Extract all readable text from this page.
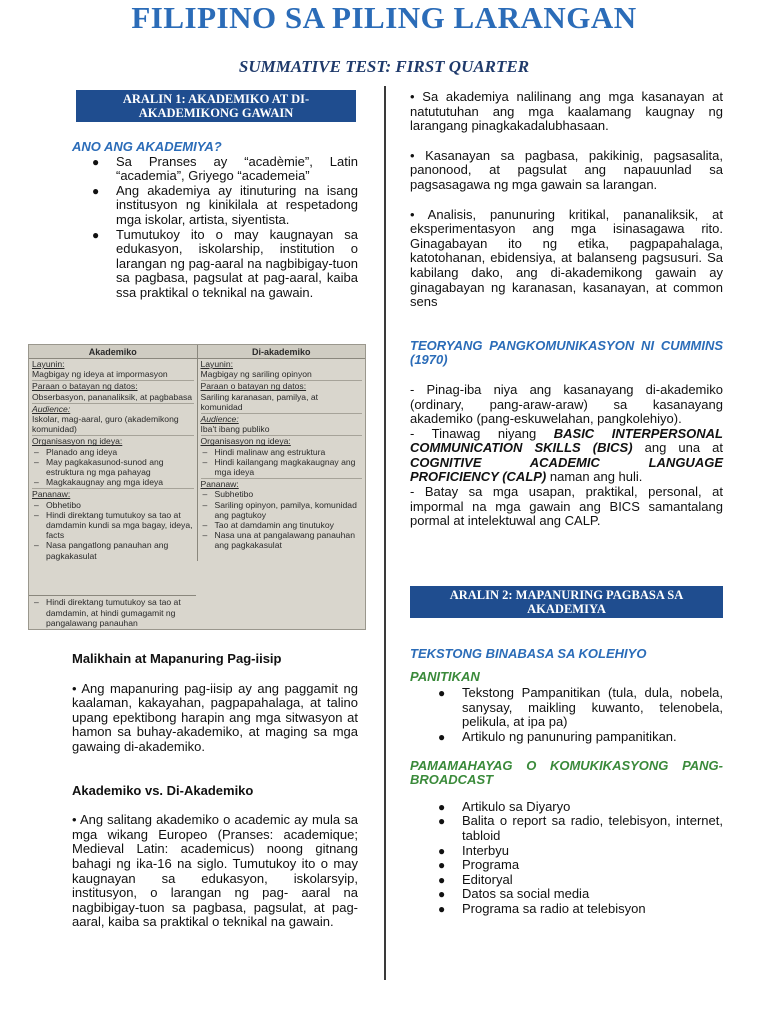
FILIPINO SA PILING LARANGAN
SUMMATIVE TEST: FIRST QUARTER
ARALIN 1: AKADEMIKO AT DI-AKADEMIKONG GAWAIN
ANO ANG AKADEMIYA?
● Sa Pranses ay “acadèmie”, Latin “academia”, Griyego “academeia”
● Ang akademiya ay itinuturing na isang institusyon ng kinikilala at respetadong mga iskolar, artista, siyentista.
● Tumutukoy ito o may kaugnayan sa edukasyon, iskolarship, institution o larangan ng pag-aaral na nagbibigay-tuon sa pagbasa, pagsulat at pag-aaral, kaiba ssa praktikal o teknikal na gawain.
Akademiko	Di-akademiko
Layunin:
Magbigay ng ideya at impormasyon
Paraan o batayan ng datos:
Obserbasyon, pananaliksik, at pagbabasa
Audience:
Iskolar, mag-aaral, guro (akademikong komunidad)
Organisasyon ng ideya:
– Planado ang ideya
– May pagkakasunod-sunod ang estruktura ng mga pahayag
– Magkakaugnay ang mga ideya
Pananaw:
– Obhetibo
– Hindi direktang tumutukoy sa tao at damdamin kundi sa mga bagay, ideya, facts
– Nasa pangatlong panauhan ang pagkakasulat
Layunin:
Magbigay ng sariling opinyon
Paraan o batayan ng datos:
Sariling karanasan, pamilya, at komunidad
Audience:
Iba't ibang publiko
Organisasyon ng ideya:
– Hindi malinaw ang estruktura
– Hindi kailangang magkakaugnay ang mga ideya
Pananaw:
– Subhetibo
– Sariling opinyon, pamilya, komunidad ang pagtukoy
– Tao at damdamin ang tinutukoy
– Nasa una at pangalawang panauhan ang pagkakasulat
– Hindi direktang tumutukoy sa tao at damdamin, at hindi gumagamit ng pangalawang panauhan
Malikhain at Mapanuring Pag-iisip
• Ang mapanuring pag-iisip ay ang paggamit ng kaalaman, kakayahan, pagpapahalaga, at talino upang epektibong harapin ang mga sitwasyon at hamon sa buhay-akademiko, at maging sa mga gawaing di-akademiko.
Akademiko vs. Di-Akademiko
• Ang salitang akademiko o academic ay mula sa mga wikang Europeo (Pranses: academique; Medieval Latin: academicus) noong gitnang bahagi ng ika-16 na siglo. Tumutukoy ito o may kaugnayan sa edukasyon, iskolarsyip, institusyon, o larangan ng pag- aaral na nagbibigay-tuon sa pagbasa, pagsulat, at pag-aaral, kaiba sa praktikal o teknikal na gawain.
• Sa akademiya nalilinang ang mga kasanayan at natututuhan ang mga kaalamang kaugnay ng larangang pinagkakadalubhasaan.
• Kasanayan sa pagbasa, pakikinig, pagsasalita, panonood, at pagsulat ang napauunlad sa pagsasagawa ng mga gawain sa larangan.
• Analisis, panunuring kritikal, pananaliksik, at eksperimentasyon ang mga isinasagawa rito. Ginagabayan ito ng etika, pagpapahalaga, katotohanan, ebidensiya, at balanseng pagsusuri. Sa kabilang dako, ang di-akademikong gawain ay ginagabayan ng karanasan, kasanayan, at common sens
TEORYANG PANGKOMUNIKASYON NI CUMMINS (1970)
- Pinag-iba niya ang kasanayang di-akademiko (ordinary, pang-araw-araw) sa kasanayang akademiko (pang-eskuwelahan, pangkolehiyo).
- Tinawag niyang BASIC INTERPERSONAL COMMUNICATION SKILLS (BICS) ang una at COGNITIVE ACADEMIC LANGUAGE PROFICIENCY (CALP) naman ang huli.
- Batay sa mga usapan, praktikal, personal, at impormal na mga gawain ang BICS samantalang pormal at intelektuwal ang CALP.
ARALIN 2: MAPANURING PAGBASA SA AKADEMIYA
TEKSTONG BINABASA SA KOLEHIYO
PANITIKAN
● Tekstong Pampanitikan (tula, dula, nobela, sanysay, maikling kuwanto, telenobela, pelikula, at ipa pa)
● Artikulo ng panunuring pampanitikan.
PAMAMAHAYAG O KOMUKIKASYONG PANG-BROADCAST
● Artikulo sa Diyaryo
● Balita o report sa radio, telebisyon, internet, tabloid
● Interbyu
● Programa
● Editoryal
● Datos sa social media
● Programa sa radio at telebisyon
